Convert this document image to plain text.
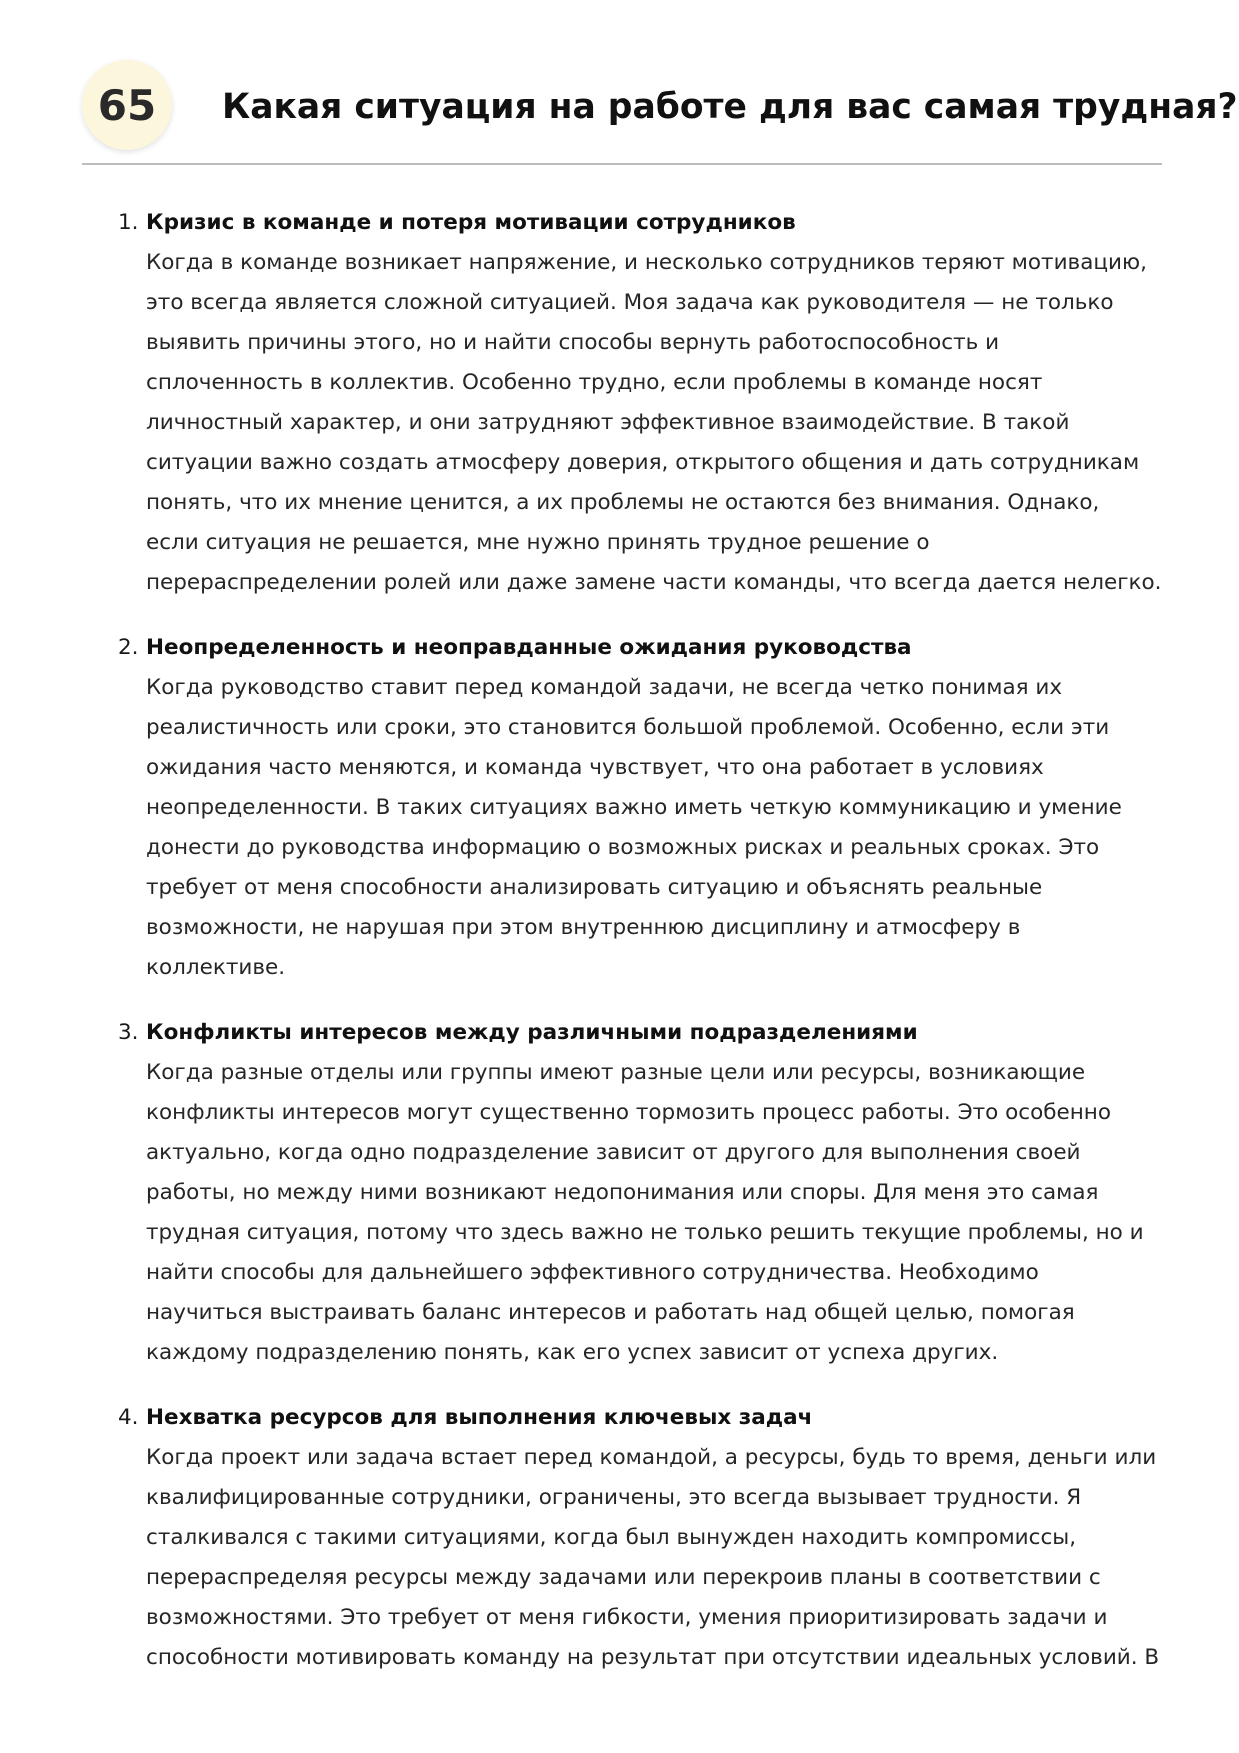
65	Какая ситуация на работе для вас самая трудная?
1. Кризис в команде и потеря мотивации сотрудников
Когда в команде возникает напряжение, и несколько сотрудников теряют мотивацию,
это всегда является сложной ситуацией. Моя задача как руководителя — не только
выявить причины этого, но и найти способы вернуть работоспособность и
сплоченность в коллектив. Особенно трудно, если проблемы в команде носят
личностный характер, и они затрудняют эффективное взаимодействие. В такой
ситуации важно создать атмосферу доверия, открытого общения и дать сотрудникам
понять, что их мнение ценится, а их проблемы не остаются без внимания. Однако,
если ситуация не решается, мне нужно принять трудное решение о
перераспределении ролей или даже замене части команды, что всегда дается нелегко.
2. Неопределенность и неоправданные ожидания руководства
Когда руководство ставит перед командой задачи, не всегда четко понимая их
реалистичность или сроки, это становится большой проблемой. Особенно, если эти
ожидания часто меняются, и команда чувствует, что она работает в условиях
неопределенности. В таких ситуациях важно иметь четкую коммуникацию и умение
донести до руководства информацию о возможных рисках и реальных сроках. Это
требует от меня способности анализировать ситуацию и объяснять реальные
возможности, не нарушая при этом внутреннюю дисциплину и атмосферу в
коллективе.
3. Конфликты интересов между различными подразделениями
Когда разные отделы или группы имеют разные цели или ресурсы, возникающие
конфликты интересов могут существенно тормозить процесс работы. Это особенно
актуально, когда одно подразделение зависит от другого для выполнения своей
работы, но между ними возникают недопонимания или споры. Для меня это самая
трудная ситуация, потому что здесь важно не только решить текущие проблемы, но и
найти способы для дальнейшего эффективного сотрудничества. Необходимо
научиться выстраивать баланс интересов и работать над общей целью, помогая
каждому подразделению понять, как его успех зависит от успеха других.
4. Нехватка ресурсов для выполнения ключевых задач
Когда проект или задача встает перед командой, а ресурсы, будь то время, деньги или
квалифицированные сотрудники, ограничены, это всегда вызывает трудности. Я
сталкивался с такими ситуациями, когда был вынужден находить компромиссы,
перераспределяя ресурсы между задачами или перекроив планы в соответствии с
возможностями. Это требует от меня гибкости, умения приоритизировать задачи и
способности мотивировать команду на результат при отсутствии идеальных условий. В
